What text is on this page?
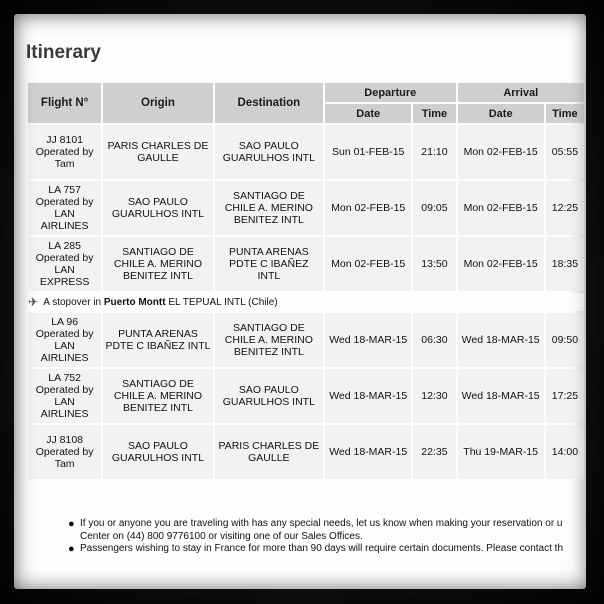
Itinerary
Flight N°	Origin	Destination	Departure		Arrival	
			Date	Time	Date	Time

JJ 8101
Operated by
Tam	PARIS CHARLES DE GAULLE	SAO PAULO GUARULHOS INTL	Sun 01-FEB-15	21:10	Mon 02-FEB-15	05:55

LA 757
Operated by
LAN AIRLINES	SAO PAULO GUARULHOS INTL	SANTIAGO DE CHILE A. MERINO BENITEZ INTL	Mon 02-FEB-15	09:05	Mon 02-FEB-15	12:25

LA 285
Operated by
LAN EXPRESS	SANTIAGO DE CHILE A. MERINO BENITEZ INTL	PUNTA ARENAS PDTE C IBAÑEZ INTL	Mon 02-FEB-15	13:50	Mon 02-FEB-15	18:35
✈ A stopover in Puerto Montt EL TEPUAL INTL (Chile)						

LA 96
Operated by
LAN AIRLINES	PUNTA ARENAS PDTE C IBAÑEZ INTL	SANTIAGO DE CHILE A. MERINO BENITEZ INTL	Wed 18-MAR-15	06:30	Wed 18-MAR-15	09:50

LA 752
Operated by
LAN AIRLINES	SANTIAGO DE CHILE A. MERINO BENITEZ INTL	SAO PAULO GUARULHOS INTL	Wed 18-MAR-15	12:30	Wed 18-MAR-15	17:25

JJ 8108
Operated by
Tam	SAO PAULO GUARULHOS INTL	PARIS CHARLES DE GAULLE	Wed 18-MAR-15	22:35	Thu 19-MAR-15	14:00
● If you or anyone you are traveling with has any special needs, let us know when making your reservation or u
Center on (44) 800 9776100 or visiting one of our Sales Offices.
● Passengers wishing to stay in France for more than 90 days will require certain documents. Please contact th
